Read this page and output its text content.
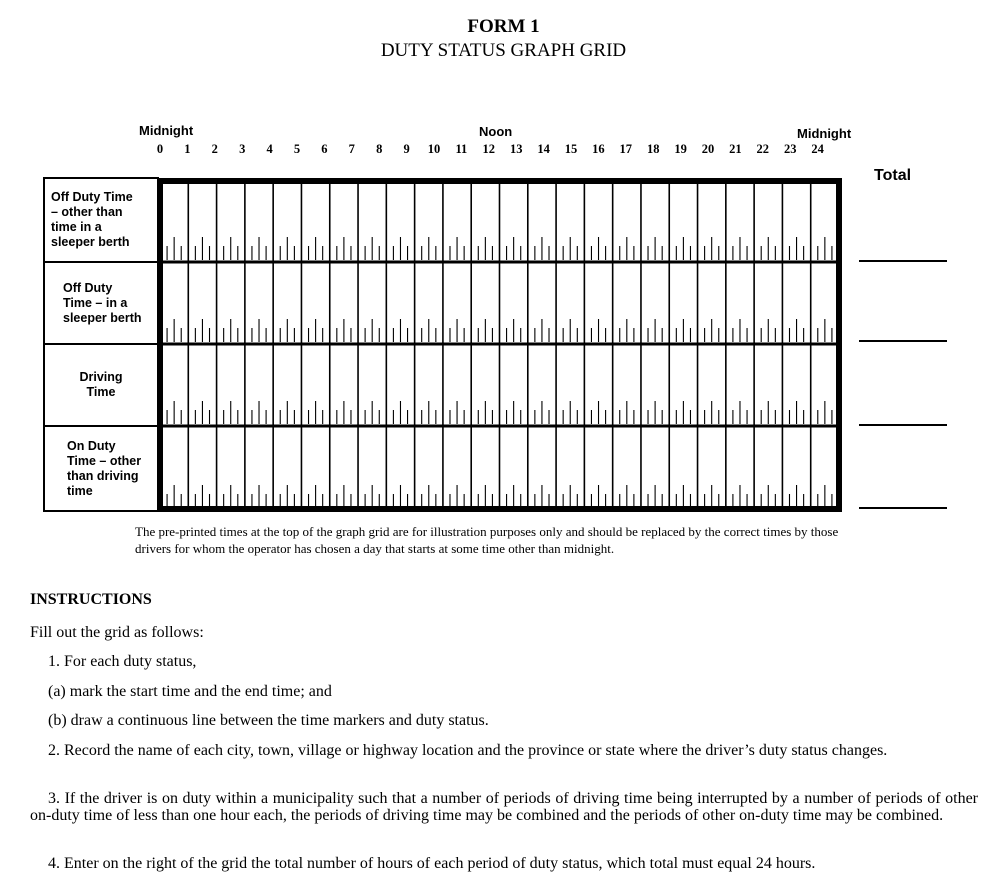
FORM 1
DUTY STATUS GRAPH GRID
Midnight	Noon	Midnight
0 1 2 3 4 5 6 7 8 9 10 11 12 13 14 15 16 17 18 19 20 21 22 23 24
Total
Off Duty Time
– other than
time in a
sleeper berth
Off Duty
Time – in a
sleeper berth
Driving
Time
On Duty
Time – other
than driving
time
The pre-printed times at the top of the graph grid are for illustration purposes only and should be replaced by the correct times by those drivers for whom the operator has chosen a day that starts at some time other than midnight.
INSTRUCTIONS
Fill out the grid as follows:
1. For each duty status,
(a) mark the start time and the end time; and
(b) draw a continuous line between the time markers and duty status.
2. Record the name of each city, town, village or highway location and the province or state where the driver’s duty status changes.
3. If the driver is on duty within a municipality such that a number of periods of driving time being interrupted by a number of periods of other on-duty time of less than one hour each, the periods of driving time may be combined and the periods of other on-duty time may be combined.
4. Enter on the right of the grid the total number of hours of each period of duty status, which total must equal 24 hours.
